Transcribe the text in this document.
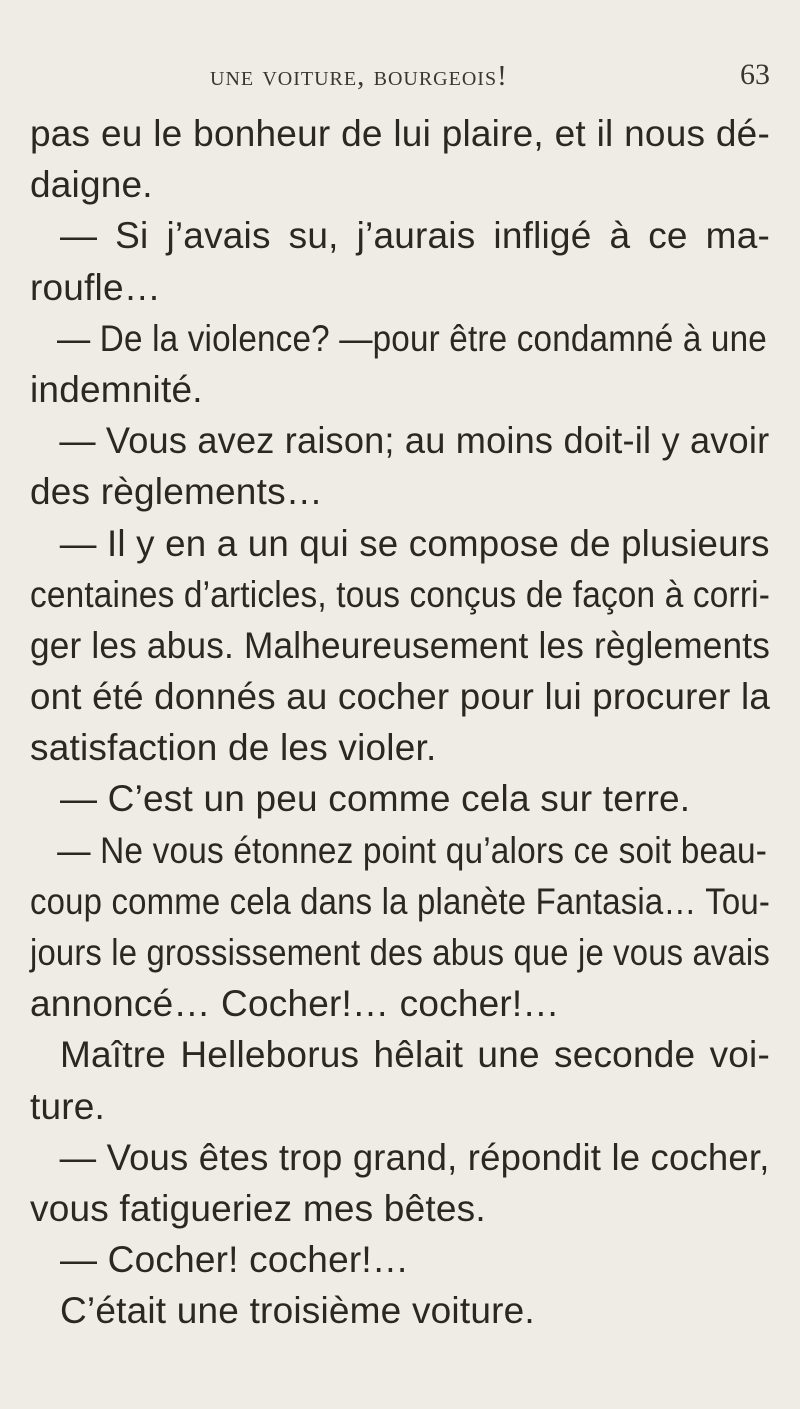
une voiture, bourgeois!	63
pas eu le bonheur de lui plaire, et il nous dé-
daigne.
— Si j’avais su, j’aurais infligé à ce ma-
roufle…
— De la violence? —pour être condamné à une
indemnité.
— Vous avez raison; au moins doit-il y avoir
des règlements…
— Il y en a un qui se compose de plusieurs
centaines d’articles, tous conçus de façon à corri-
ger les abus. Malheureusement les règlements
ont été donnés au cocher pour lui procurer la
satisfaction de les violer.
— C’est un peu comme cela sur terre.
— Ne vous étonnez point qu’alors ce soit beau-
coup comme cela dans la planète Fantasia… Tou-
jours le grossissement des abus que je vous avais
annoncé… Cocher!… cocher!…
Maître Helleborus hêlait une seconde voi-
ture.
— Vous êtes trop grand, répondit le cocher,
vous fatigueriez mes bêtes.
— Cocher! cocher!…
C’était une troisième voiture.
